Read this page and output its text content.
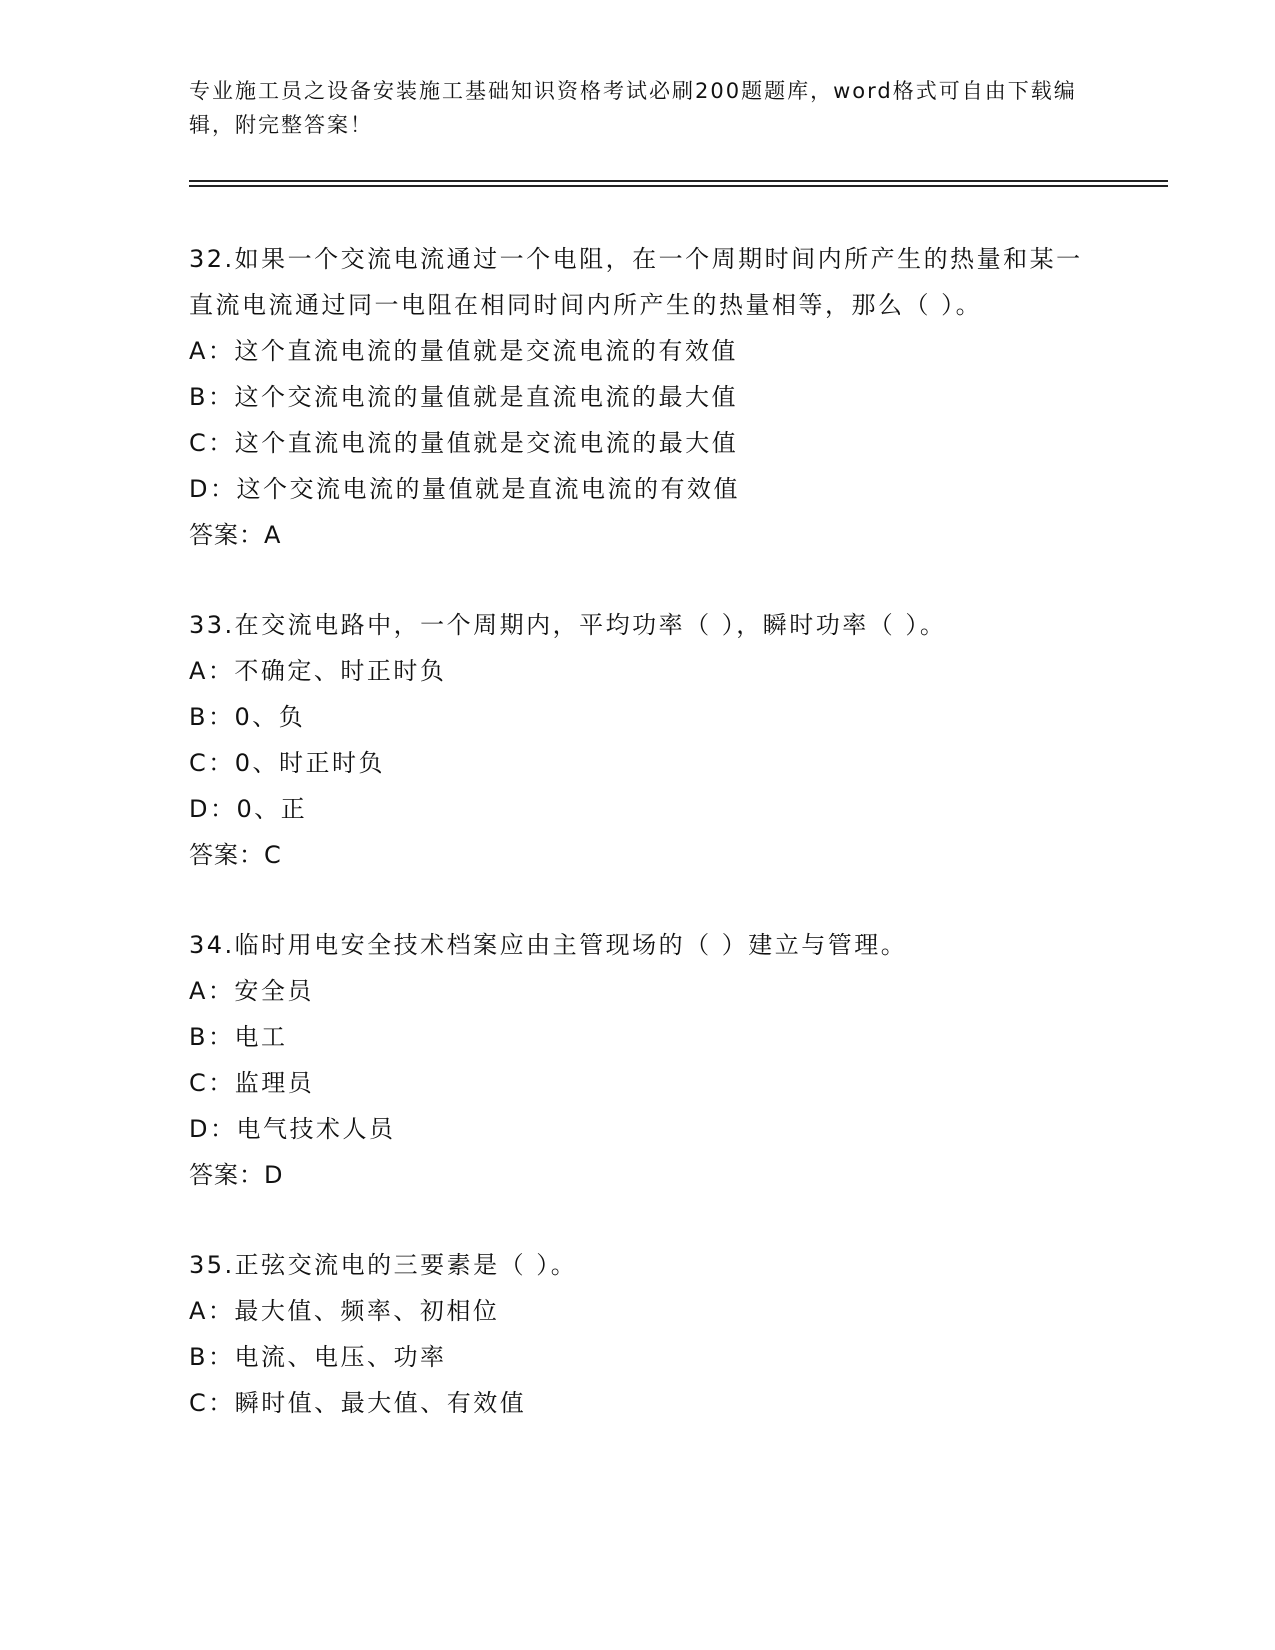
专业施工员之设备安装施工基础知识资格考试必刷200题题库，word格式可自由下载编辑，附完整答案！
32.如果一个交流电流通过一个电阻，在一个周期时间内所产生的热量和某一直流电流通过同一电阻在相同时间内所产生的热量相等，那么（ ）。
A：这个直流电流的量值就是交流电流的有效值
B：这个交流电流的量值就是直流电流的最大值
C：这个直流电流的量值就是交流电流的最大值
D：这个交流电流的量值就是直流电流的有效值
答案：A
33.在交流电路中，一个周期内，平均功率（ ），瞬时功率（ ）。
A：不确定、时正时负
B：0、负
C：0、时正时负
D：0、正
答案：C
34.临时用电安全技术档案应由主管现场的（ ）建立与管理。
A：安全员
B：电工
C：监理员
D：电气技术人员
答案：D
35.正弦交流电的三要素是（ ）。
A：最大值、频率、初相位
B：电流、电压、功率
C：瞬时值、最大值、有效值
